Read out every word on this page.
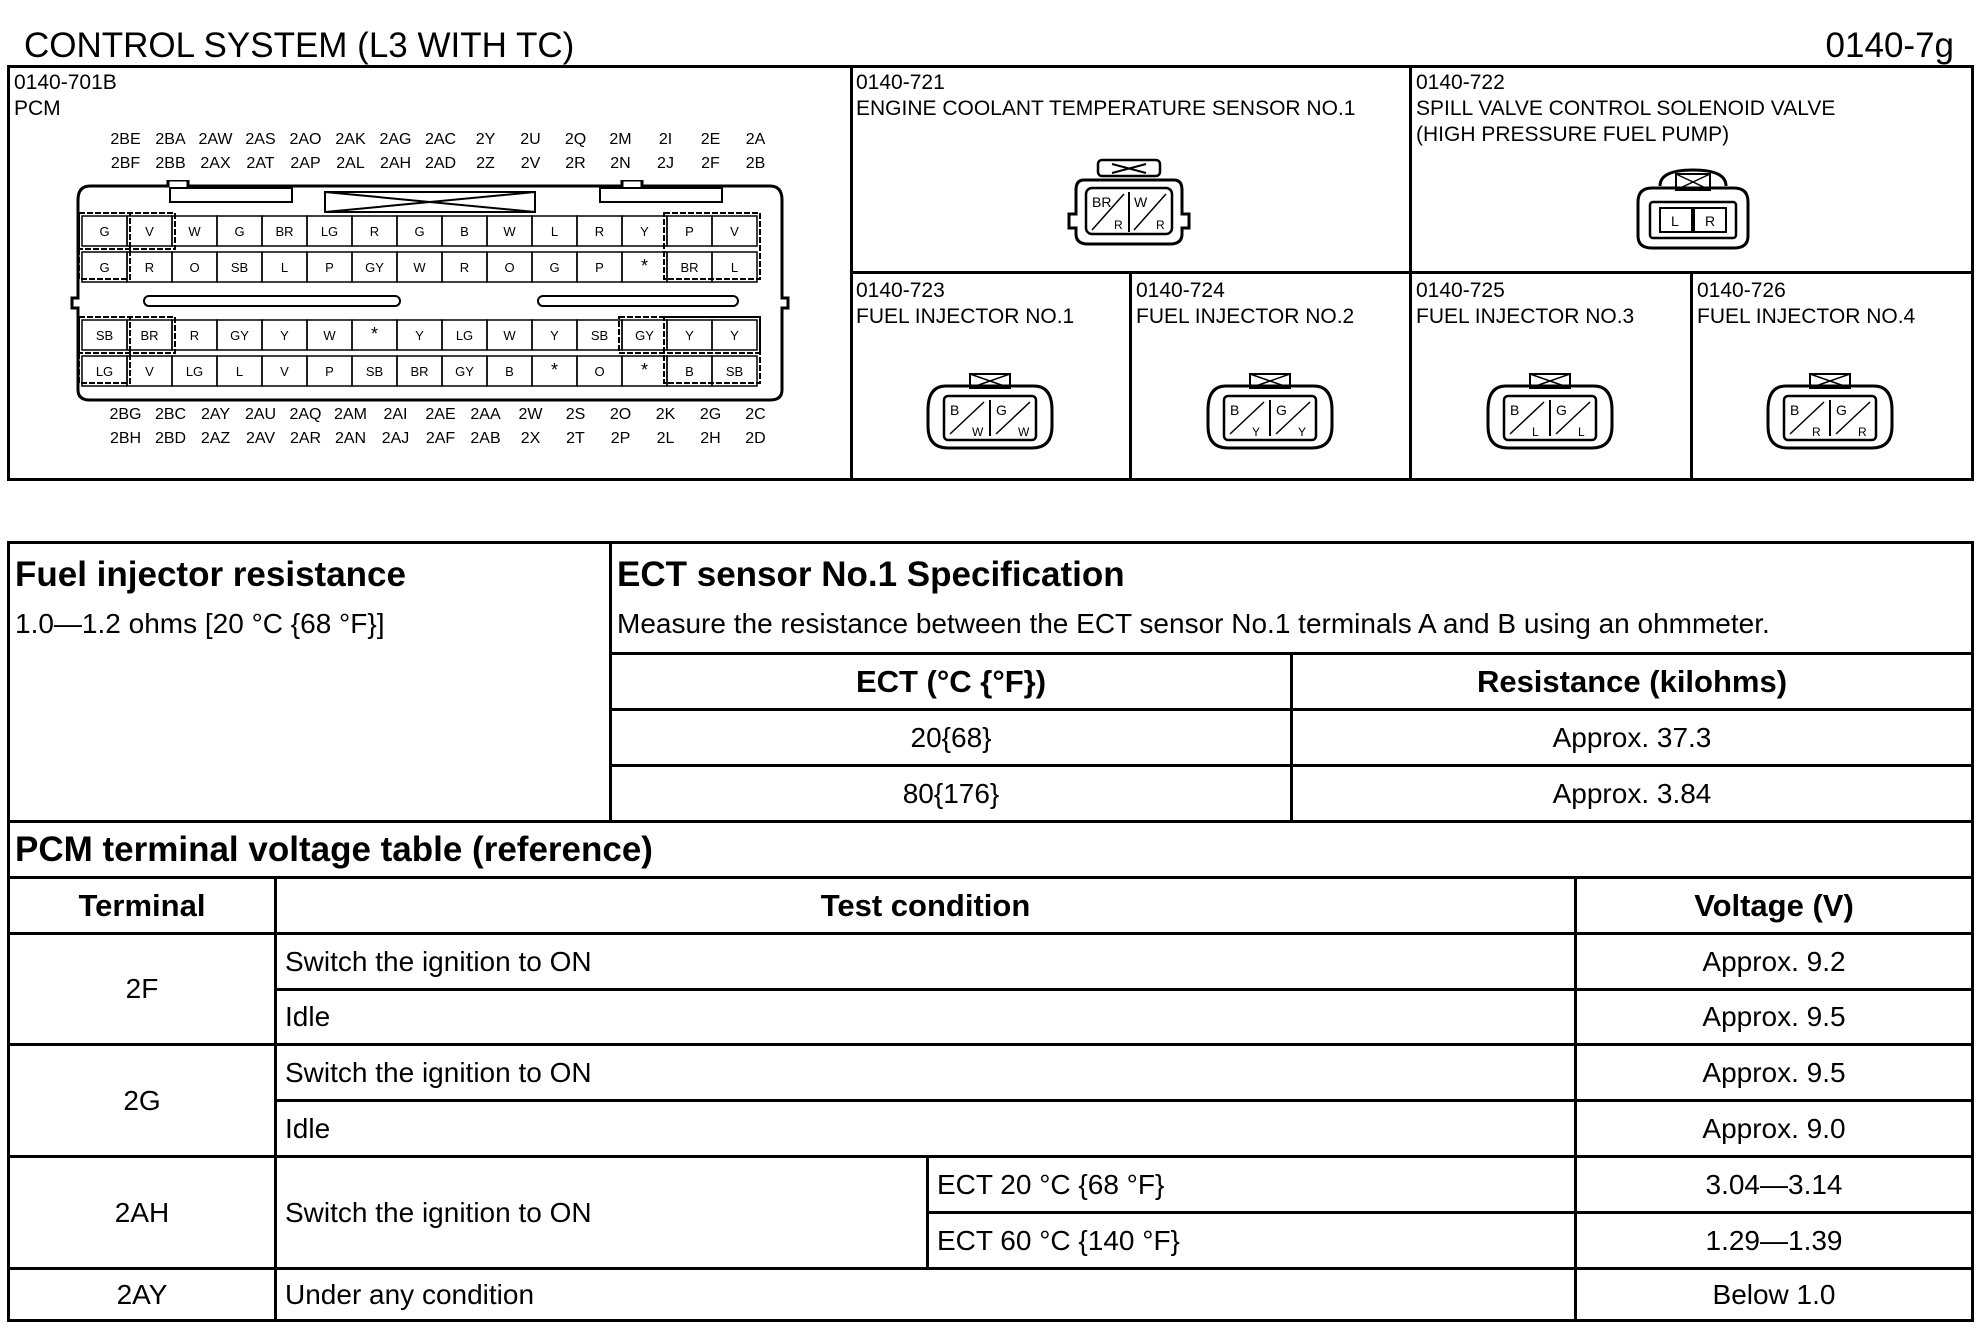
CONTROL SYSTEM (L3 WITH TC)	0140-7g
0140-701B
PCM
2BE 2BA 2AW 2AS 2AO 2AK 2AG 2AC 2Y 2U 2Q 2M 2I 2E 2A
2BF 2BB 2AX 2AT 2AP 2AL 2AH 2AD 2Z 2V 2R 2N 2J 2F 2B
2BG 2BC 2AY 2AU 2AQ 2AM 2AI 2AE 2AA 2W 2S 2O 2K 2G 2C
2BH 2BD 2AZ 2AV 2AR 2AN 2AJ 2AF 2AB 2X 2T 2P 2L 2H 2D
G	V	W	G BR LG R	G	B	W	L	R	Y	P	V
G	R	O SB	L	P GY W	R	O	G	P * BR L
SB BR R GY Y	W *	Y LG W	Y SB GY Y	Y
LG V LG	L	V	P SB BR GY B *	O *	B SB
0140-721
ENGINE COOLANT TEMPERATURE SENSOR NO.1
BR W
R	R
0140-722
SPILL VALVE CONTROL SOLENOID VALVE
(HIGH PRESSURE FUEL PUMP)
L R
0140-723
FUEL INJECTOR NO.1
0140-724
FUEL INJECTOR NO.2
0140-725
FUEL INJECTOR NO.3
0140-726
FUEL INJECTOR NO.4
B	G
W	W
B	G
Y	Y
B	G
L	L
B	G
R	R
Fuel injector resistance
1.0—1.2 ohms [20 °C {68 °F}]
ECT sensor No.1 Specification
Measure the resistance between the ECT sensor No.1 terminals A and B using an ohmmeter.
ECT (°C {°F})	Resistance (kilohms)
20{68}	Approx. 37.3
80{176}	Approx. 3.84
PCM terminal voltage table (reference)
Terminal	Test condition	Voltage (V)
2F
Switch the ignition to ON	Approx. 9.2
Idle	Approx. 9.5
2G
Switch the ignition to ON	Approx. 9.5
Idle	Approx. 9.0
2AH	Switch the ignition to ON
ECT 20 °C {68 °F}	3.04—3.14
ECT 60 °C {140 °F}	1.29—1.39
2AY	Under any condition	Below 1.0
